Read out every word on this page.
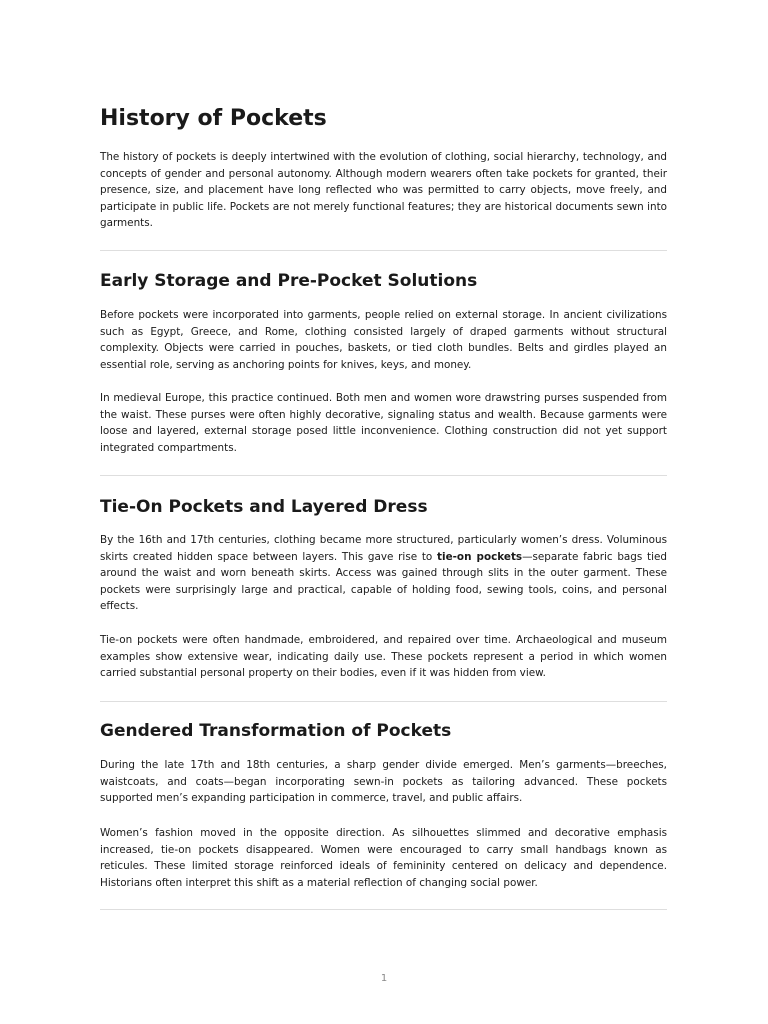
History of Pockets

The history of pockets is deeply intertwined with the evolution of clothing, social hierarchy, technology, and concepts of gender and personal autonomy. Although modern wearers often take pockets for granted, their presence, size, and placement have long reflected who was permitted to carry objects, move freely, and participate in public life. Pockets are not merely functional features; they are historical documents sewn into garments.

Early Storage and Pre-Pocket Solutions

Before pockets were incorporated into garments, people relied on external storage. In ancient civilizations such as Egypt, Greece, and Rome, clothing consisted largely of draped garments without structural complexity. Objects were carried in pouches, baskets, or tied cloth bundles. Belts and girdles played an essential role, serving as anchoring points for knives, keys, and money.

In medieval Europe, this practice continued. Both men and women wore drawstring purses suspended from the waist. These purses were often highly decorative, signaling status and wealth. Because garments were loose and layered, external storage posed little inconvenience. Clothing construction did not yet support integrated compartments.

Tie-On Pockets and Layered Dress

By the 16th and 17th centuries, clothing became more structured, particularly women’s dress. Voluminous skirts created hidden space between layers. This gave rise to tie-on pockets—separate fabric bags tied around the waist and worn beneath skirts. Access was gained through slits in the outer garment. These pockets were surprisingly large and practical, capable of holding food, sewing tools, coins, and personal effects.

Tie-on pockets were often handmade, embroidered, and repaired over time. Archaeological and museum examples show extensive wear, indicating daily use. These pockets represent a period in which women carried substantial personal property on their bodies, even if it was hidden from view.

Gendered Transformation of Pockets

During the late 17th and 18th centuries, a sharp gender divide emerged. Men’s garments—breeches, waistcoats, and coats—began incorporating sewn-in pockets as tailoring advanced. These pockets supported men’s expanding participation in commerce, travel, and public affairs.

Women’s fashion moved in the opposite direction. As silhouettes slimmed and decorative emphasis increased, tie-on pockets disappeared. Women were encouraged to carry small handbags known as reticules. These limited storage reinforced ideals of femininity centered on delicacy and dependence. Historians often interpret this shift as a material reflection of changing social power.

1
